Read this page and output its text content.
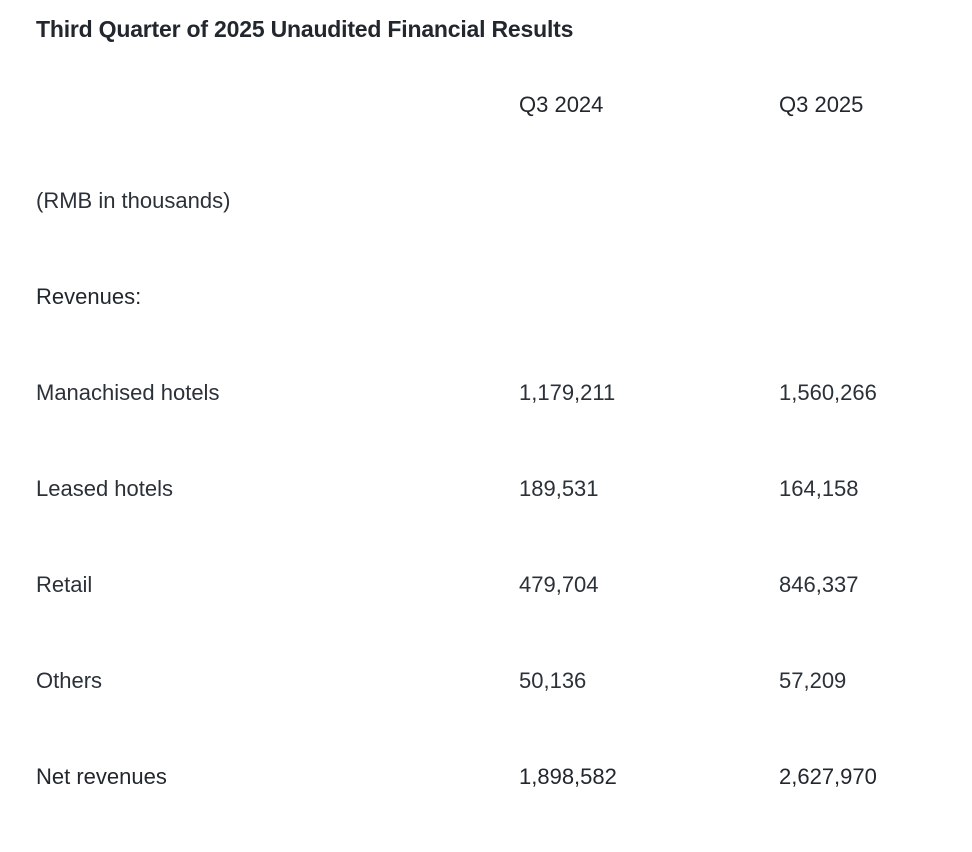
Third Quarter of 2025 Unaudited Financial Results
	Q3 2024	Q3 2025
(RMB in thousands)		
Revenues:		
Manachised hotels	1,179,211	1,560,266
Leased hotels	189,531	164,158
Retail	479,704	846,337
Others	50,136	57,209
Net revenues	1,898,582	2,627,970
